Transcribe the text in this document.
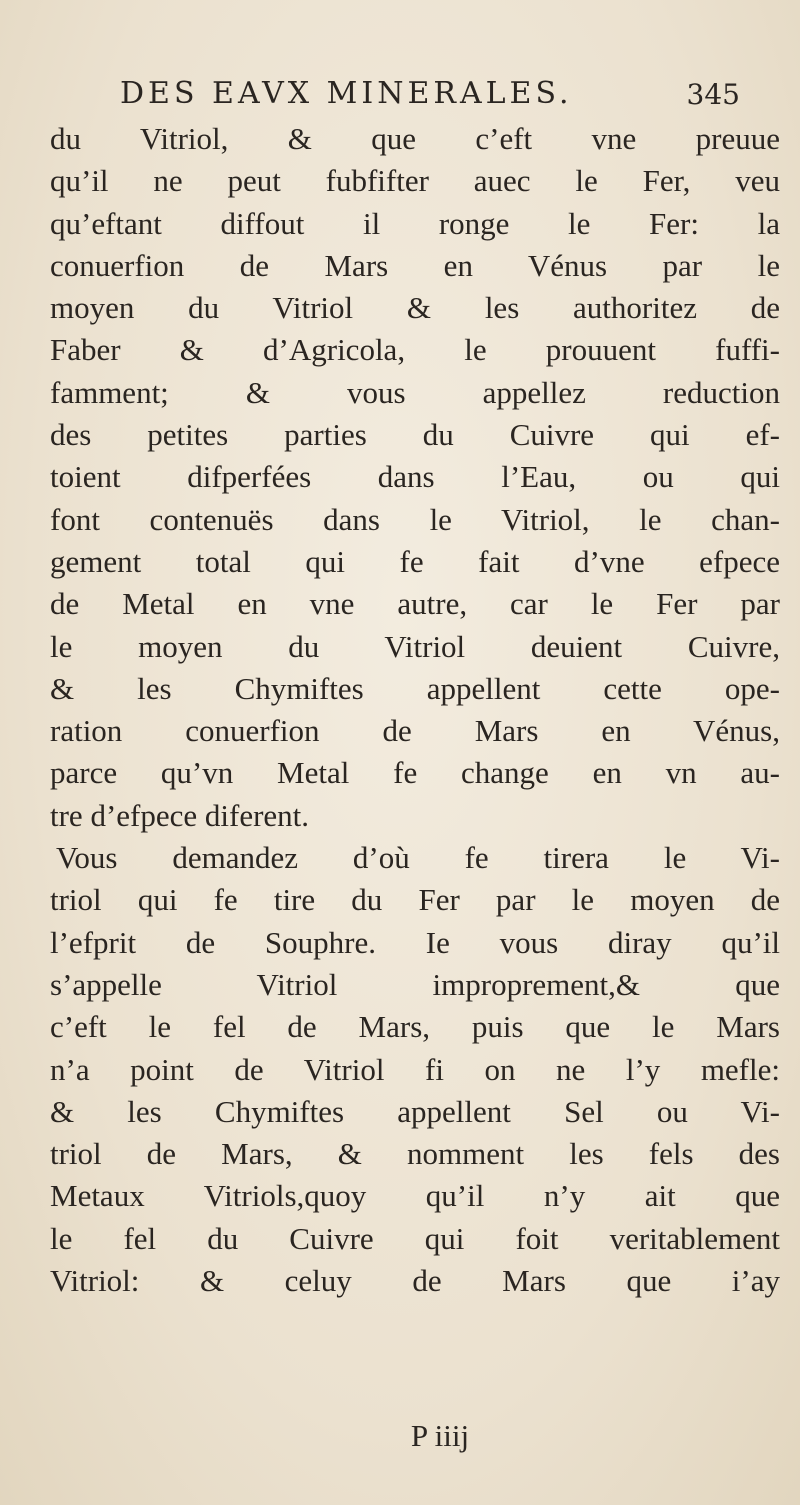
DES EAVX MINERALES.	345
du Vitriol, & que c’eft vne preuue
qu’il ne peut fubfifter auec le Fer, veu
qu’eftant diffout il ronge le Fer: la
conuerfion de Mars en Vénus par le
moyen du Vitriol & les authoritez de
Faber & d’Agricola, le prouuent fuffi-
famment; & vous appellez reduction
des petites parties du Cuivre qui ef-
toient difperfées dans l’Eau, ou qui
font contenuës dans le Vitriol, le chan-
gement total qui fe fait d’vne efpece
de Metal en vne autre, car le Fer par
le moyen du Vitriol deuient Cuivre,
& les Chymiftes appellent cette ope-
ration conuerfion de Mars en Vénus,
parce qu’vn Metal fe change en vn au-
tre d’efpece diferent.
Vous demandez d’où fe tirera le Vi-
triol qui fe tire du Fer par le moyen de
l’efprit de Souphre. Ie vous diray qu’il
s’appelle Vitriol improprement,& que
c’eft le fel de Mars, puis que le Mars
n’a point de Vitriol fi on ne l’y mefle:
& les Chymiftes appellent Sel ou Vi-
triol de Mars, & nomment les fels des
Metaux Vitriols,quoy qu’il n’y ait que
le fel du Cuivre qui foit veritablement
Vitriol: & celuy de Mars que i’ay
P iiij
